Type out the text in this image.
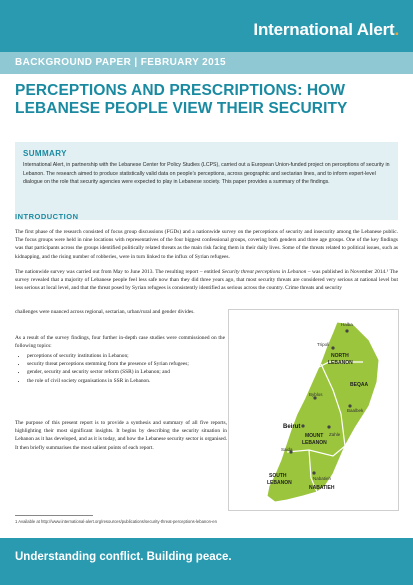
International Alert.
BACKGROUND PAPER | FEBRUARY 2015
PERCEPTIONS AND PRESCRIPTIONS: HOW LEBANESE PEOPLE VIEW THEIR SECURITY
SUMMARY

International Alert, in partnership with the Lebanese Center for Policy Studies (LCPS), carried out a European Union-funded project on perceptions of security in Lebanon. The research aimed to produce statistically valid data on people’s perceptions, across geographic and sectarian lines, and to inform expert-level dialogue on the role that security agencies were expected to play in Lebanese society. This paper provides a summary of the findings.

INTRODUCTION

The first phase of the research consisted of focus group discussions (FGDs) and a nationwide survey on the perceptions of security and insecurity among the Lebanese public. The focus groups were held in nine locations with representatives of the four biggest confessional groups, covering both genders and three age groups. One of the key findings was that participants across the groups identified politically related threats as the main risk facing them in their daily lives. Some of the threats related to political issues, such as kidnapping, and the rising number of robberies, were in turn linked to the influx of Syrian refugees.

The nationwide survey was carried out from May to June 2013. The resulting report – entitled Security threat perceptions in Lebanon – was published in November 2014.¹ The survey revealed that a majority of Lebanese people feel less safe now than they did three years ago, that most security threats are considered very serious at national level but less serious at local level, and that the threat posed by Syrian refugees is consistently identified as serious across the country. Crime threats and security

challenges were nuanced across regional, sectarian, urban/rural and gender divides.

As a result of the survey findings, four further in-depth case studies were commissioned on the following topics:

• perceptions of security institutions in Lebanon;
• security threat perceptions stemming from the presence of Syrian refugees;
• gender, security and security sector reform (SSR) in Lebanon; and
• the role of civil society organisations in SSR in Lebanon.

The purpose of this present report is to provide a synthesis and summary of all five reports, highlighting their most significant insights. It begins by describing the security situation in Lebanon as it has developed, and as it is today, and how the Lebanese security sector is organised. It then briefly summarises the most salient points of each report.

Halba
Tripoli
NORTH
LEBANON
BEQAA
Byblos
Baalbek
Beirut
Zahle
MOUNT
LEBANON
Saida
SOUTH
LEBANON
Nabatieh
NABATIEH

1 Available at http://www.international-alert.org/resources/publications/security-threat-perceptions-lebanon-en

Understanding conflict. Building peace.
